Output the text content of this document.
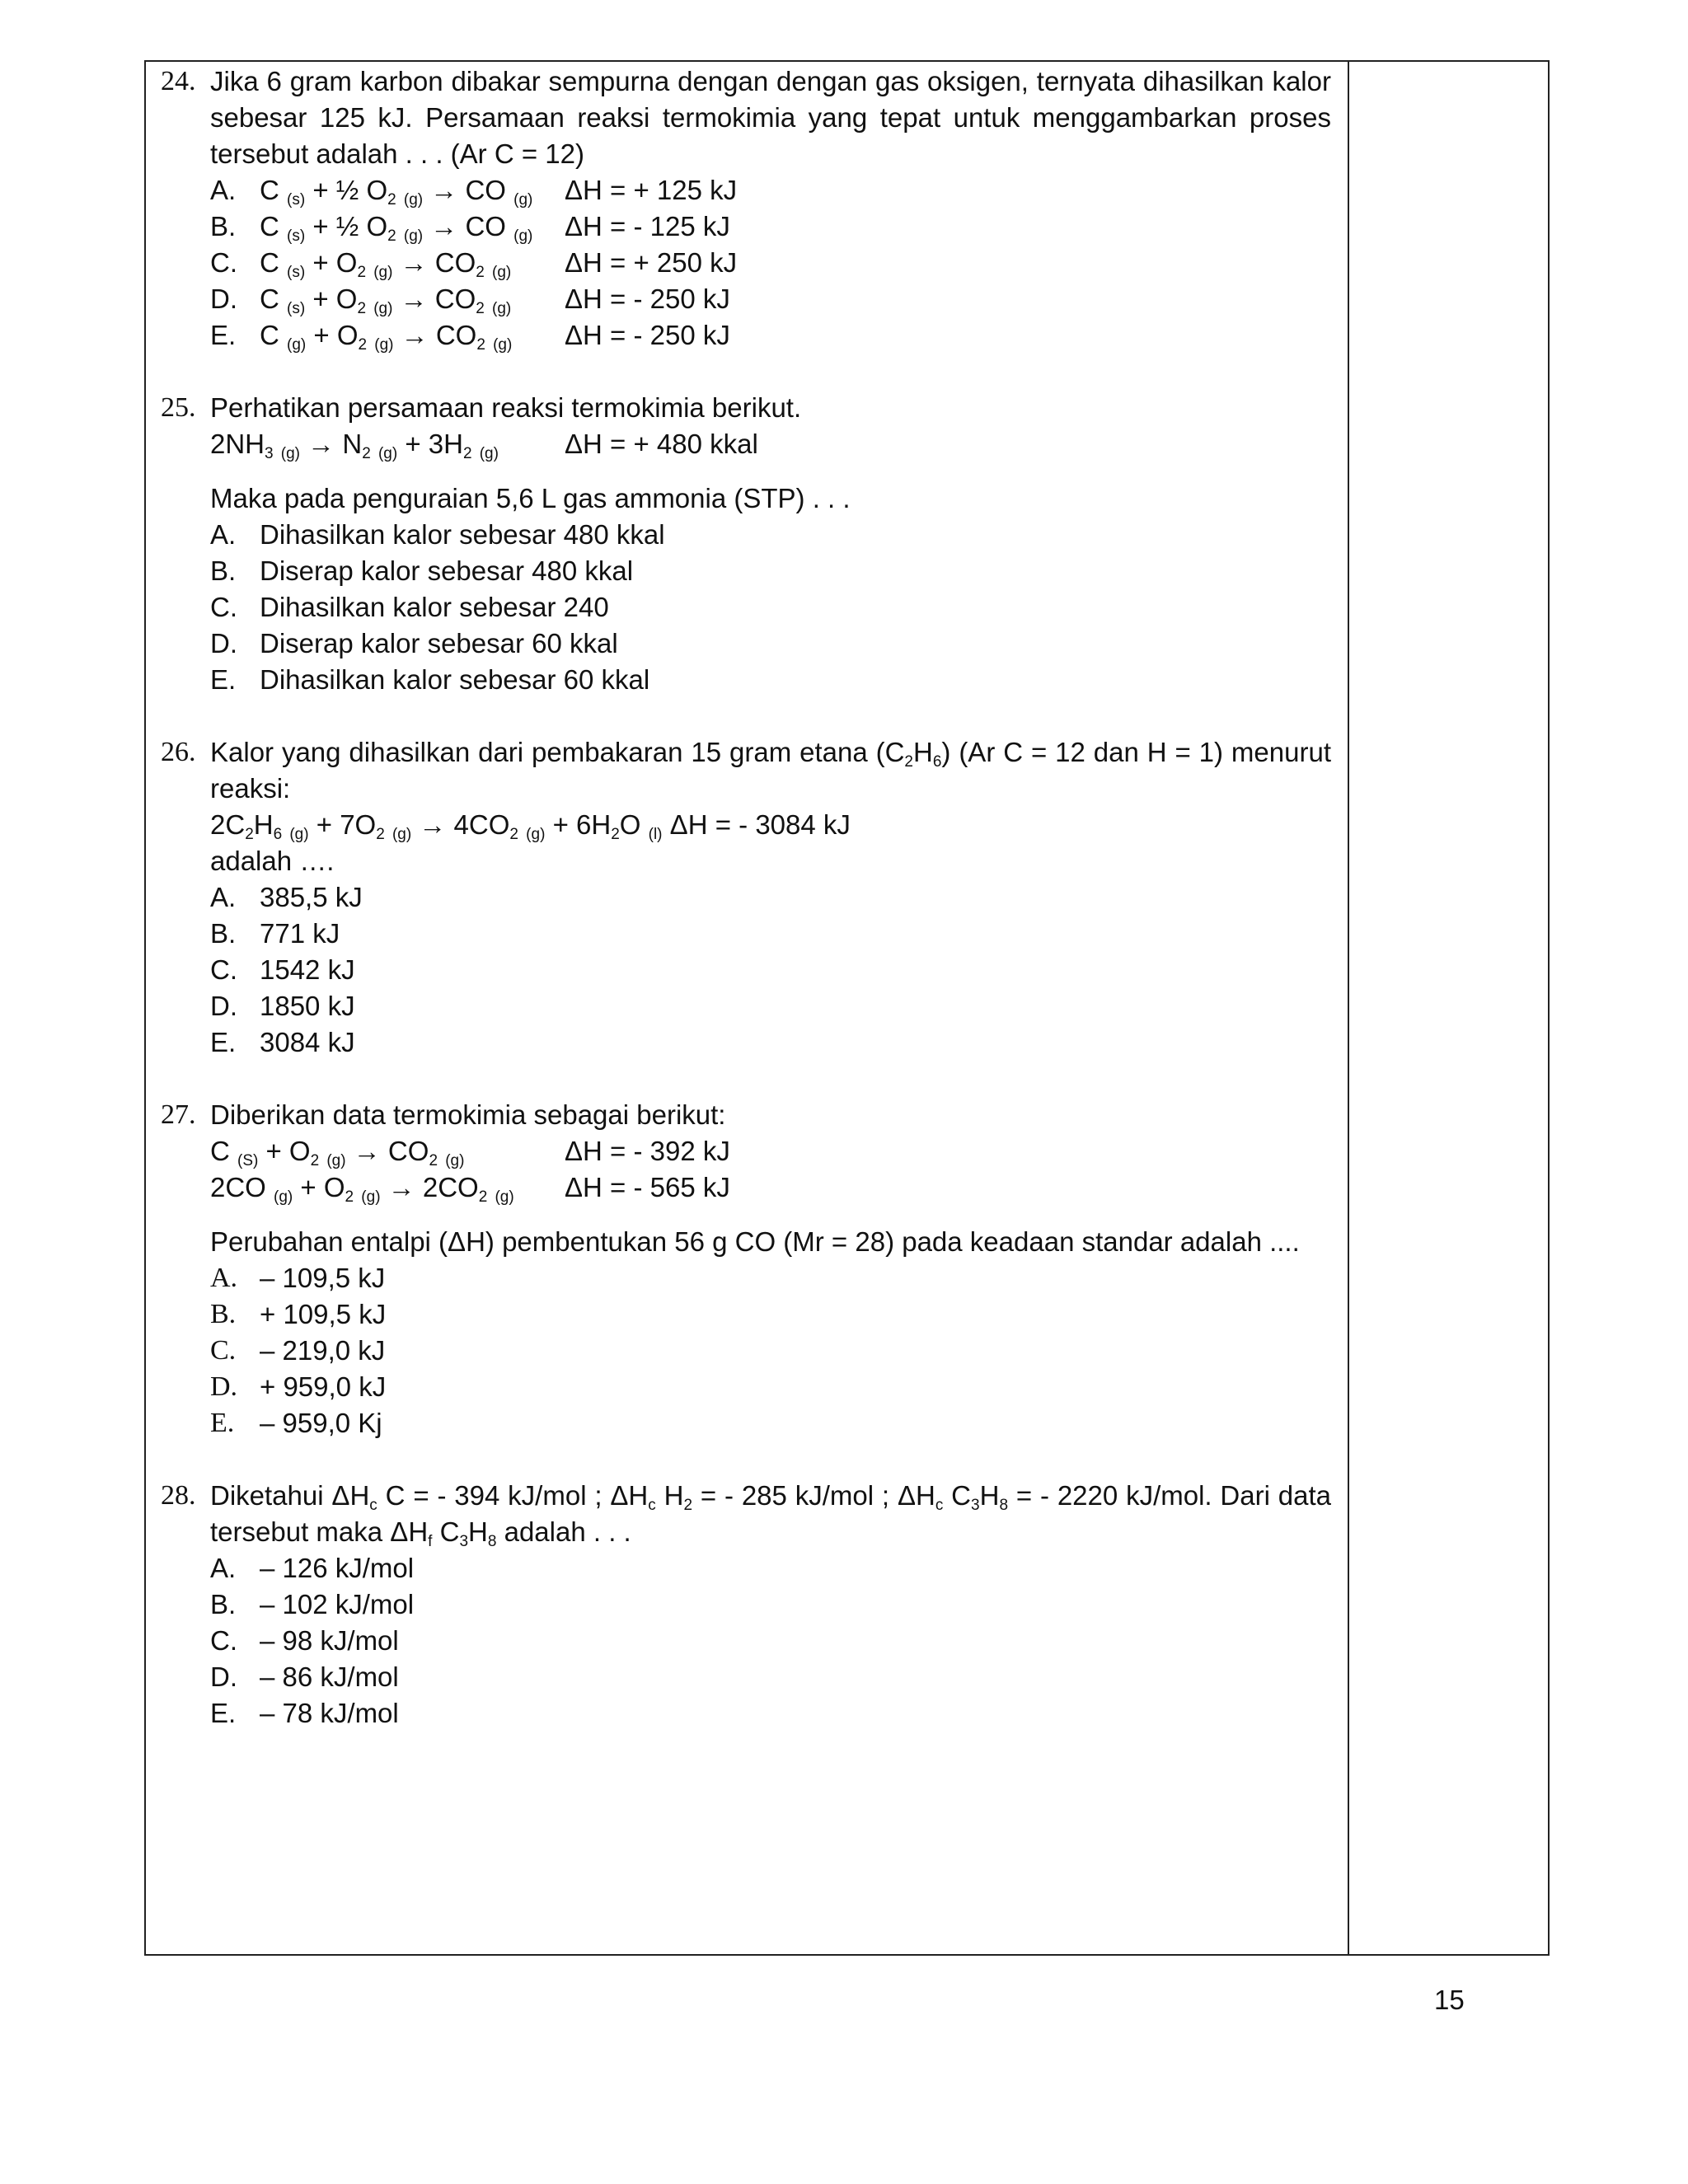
24. Jika 6 gram karbon dibakar sempurna dengan dengan gas oksigen, ternyata dihasilkan kalor
sebesar 125 kJ. Persamaan reaksi termokimia yang tepat untuk menggambarkan proses
tersebut adalah . . . (Ar C = 12)
A. C $_{(s)}$ + ½ $O_2$ $_{(g)}$ → CO $_{(g)}$ ΔH = + 125 kJ
B. C $_{(s)}$ + ½ $O_2$ $_{(g)}$ → CO $_{(g)}$ ΔH = - 125 kJ
C. C $_{(s)} + O_2$ $_{(g)} \to CO_2$ $_{(g)}$ ΔH = + 250 kJ
D. C $_{(s)} + O_2$ $_{(g)} \to CO_2$ $_{(g)}$ ΔH = - 250 kJ
E. C $_{(g)} + O_2$ $_{(g)} \to CO_2$ $_{(g)}$ ΔH = - 250 kJ
25. Perhatikan persamaan reaksi termokimia berikut.
$2NH_3$ $_{(g)} \to N_2$ $_{(g)} + 3H_2$ $_{(g)}$	ΔH = + 480 kkal
Maka pada penguraian 5,6 L gas ammonia (STP) . . .
A. Dihasilkan kalor sebesar 480 kkal
B. Diserap kalor sebesar 480 kkal
C. Dihasilkan kalor sebesar 240
D. Diserap kalor sebesar 60 kkal
E. Dihasilkan kalor sebesar 60 kkal
26. Kalor yang dihasilkan dari pembakaran 15 gram etana $(C_2H_6)$ (Ar C = 12 dan H = 1) menurut
reaksi:
$2C_2H_6$ $_{(g)} + 7O_2$ $_{(g)} \to 4CO_2$ $_{(g)} + 6H_2O$ $_{(l)}$ ΔH = - 3084 kJ
adalah ….
A. 385,5 kJ
B. 771 kJ
C. 1542 kJ
D. 1850 kJ
E. 3084 kJ
27. Diberikan data termokimia sebagai berikut:
C $_{(S)} + O_2$ $_{(g)} \to CO_2$ $_{(g)}$	ΔH = - 392 kJ
2CO $_{(g)} + O_2$ $_{(g)} \to 2CO_2$ $_{(g)}$	ΔH = - 565 kJ
Perubahan entalpi (ΔH) pembentukan 56 g CO (Mr = 28) pada keadaan standar adalah ....
A. – 109,5 kJ
B. + 109,5 kJ
C. – 219,0 kJ
D. + 959,0 kJ
E. – 959,0 Kj
28. Diketahui $\Delta H_c$ C = - 394 kJ/mol ; $\Delta H_c$ $H_2$ = - 285 kJ/mol ; $\Delta H_c$ $C_3H_8$ = - 2220 kJ/mol. Dari data
tersebut maka $\Delta H_f$ $C_3H_8$ adalah . . .
A. – 126 kJ/mol
B. – 102 kJ/mol
C. – 98 kJ/mol
D. – 86 kJ/mol
E. – 78 kJ/mol
15
